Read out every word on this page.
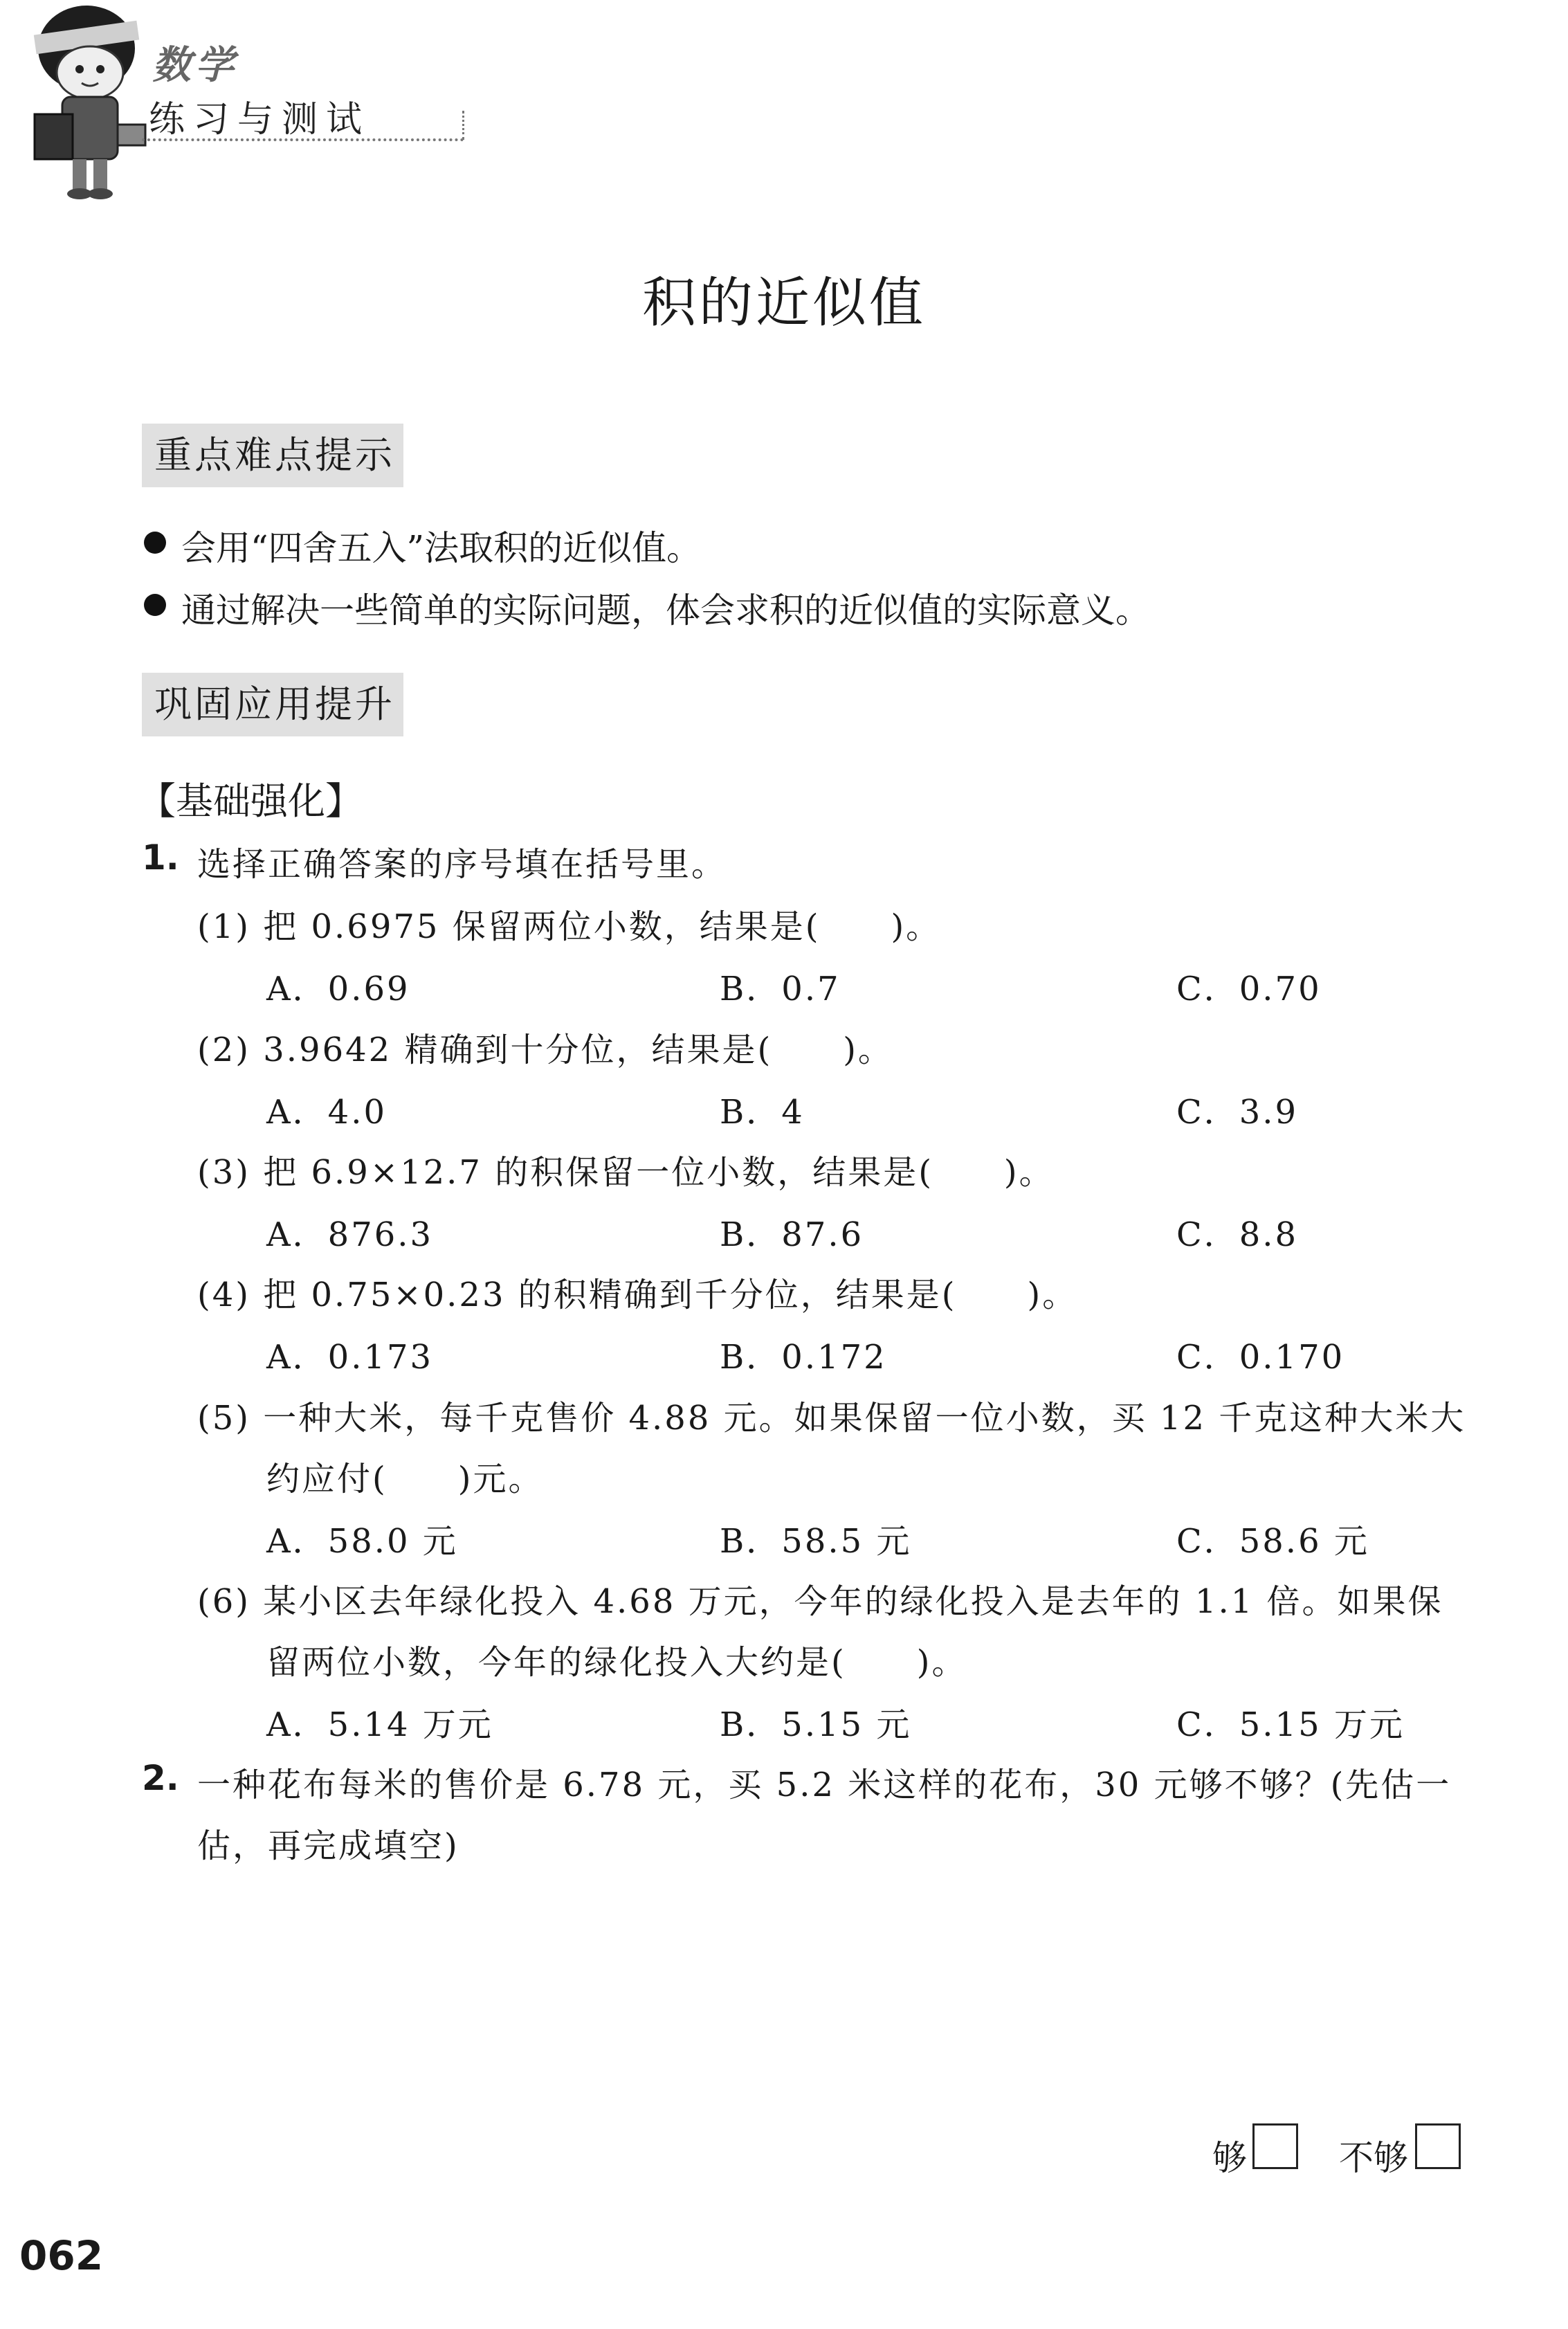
数学
练习与测试
积的近似值
重点难点提示
会用“四舍五入”法取积的近似值。
通过解决一些简单的实际问题，体会求积的近似值的实际意义。
巩固应用提升
【基础强化】
1. 选择正确答案的序号填在括号里。
(1) 把 0.6975 保留两位小数，结果是(　　)。
A．0.69	B．0.7	C．0.70
(2) 3.9642 精确到十分位，结果是(　　)。
A．4.0	B．4	C．3.9
(3) 把 6.9×12.7 的积保留一位小数，结果是(　　)。
A．876.3	B．87.6	C．8.8
(4) 把 0.75×0.23 的积精确到千分位，结果是(　　)。
A．0.173	B．0.172	C．0.170
(5) 一种大米，每千克售价 4.88 元。如果保留一位小数，买 12 千克这种大米大
约应付(　　)元。
A．58.0 元	B．58.5 元	C．58.6 元
(6) 某小区去年绿化投入 4.68 万元，今年的绿化投入是去年的 1.1 倍。如果保
留两位小数，今年的绿化投入大约是(　　)。
A．5.14 万元	B．5.15 元	C．5.15 万元
2. 一种花布每米的售价是 6.78 元，买 5.2 米这样的花布，30 元够不够？(先估一
估，再完成填空)
够	不够
062
